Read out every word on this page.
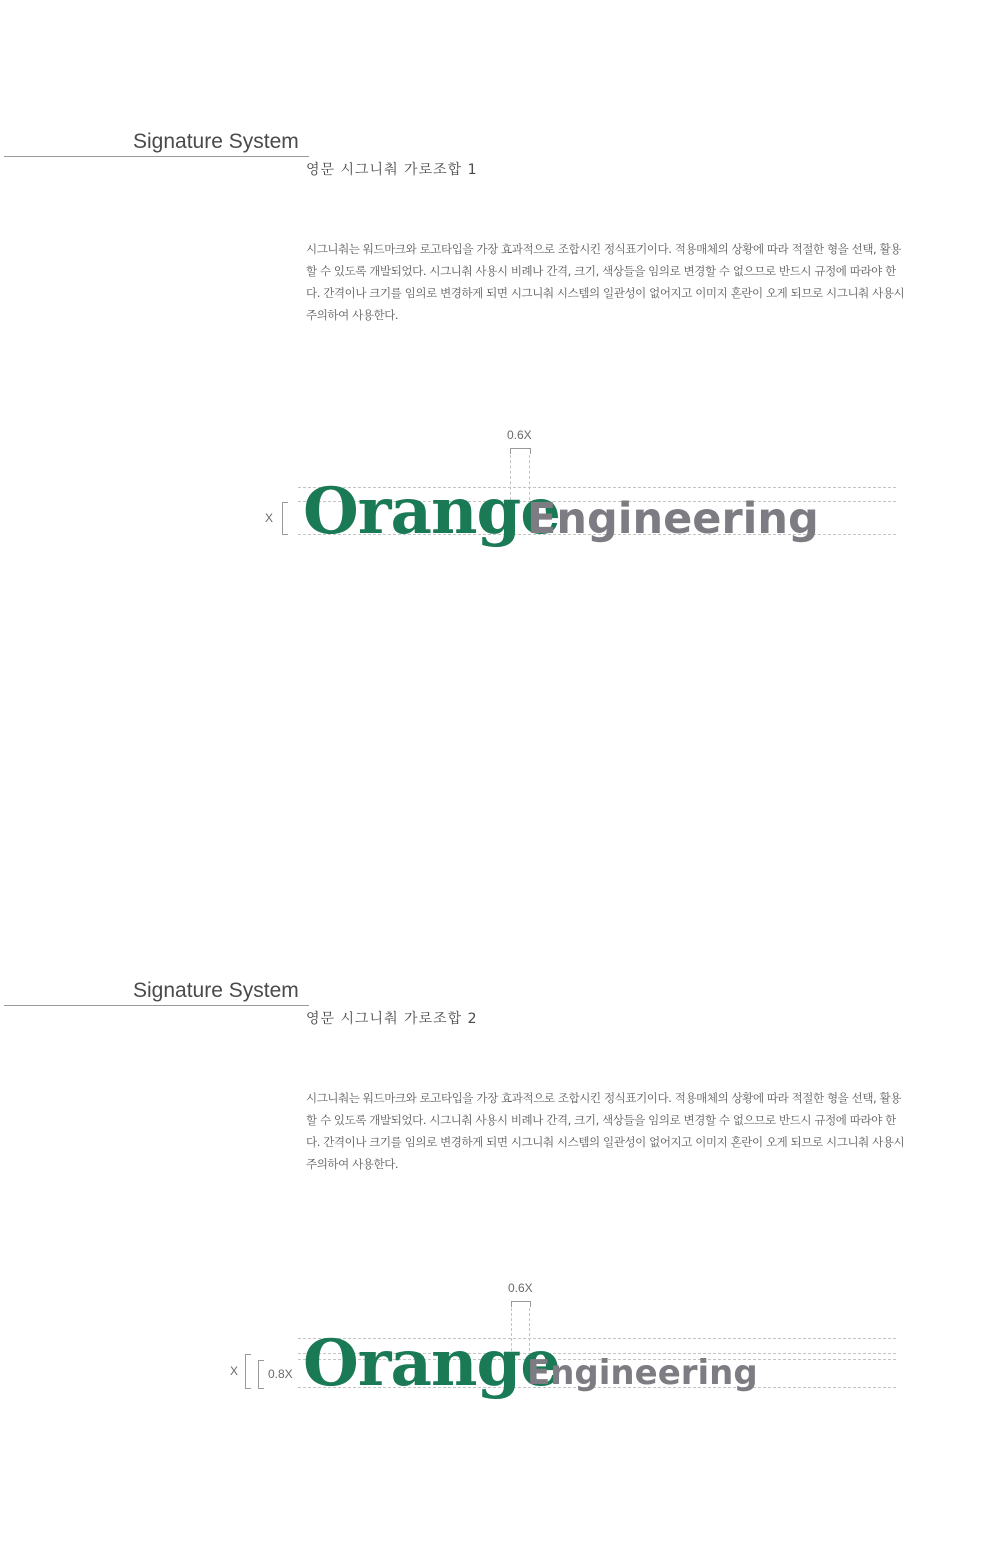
Signature System
영문 시그니춰 가로조합 1

시그니춰는 워드마크와 로고타입을 가장 효과적으로 조합시킨 정식표기이다. 적용매체의 상황에 따라 적절한 형을 선택, 활용할 수 있도록 개발되었다. 시그니춰 사용시 비례나 간격, 크기, 색상들을 임의로 변경할 수 없으므로 반드시 규정에 따라야 한다. 간격이나 크기를 임의로 변경하게 되면 시그니춰 시스템의 일관성이 없어지고 이미지 혼란이 오게 되므로 시그니춰 사용시 주의하여 사용한다.

0.6X
X Orange
Engineering
Signature System
영문 시그니춰 가로조합 2

시그니춰는 워드마크와 로고타입을 가장 효과적으로 조합시킨 정식표기이다. 적용매체의 상황에 따라 적절한 형을 선택, 활용할 수 있도록 개발되었다. 시그니춰 사용시 비례나 간격, 크기, 색상들을 임의로 변경할 수 없으므로 반드시 규정에 따라야 한다. 간격이나 크기를 임의로 변경하게 되면 시그니춰 시스템의 일관성이 없어지고 이미지 혼란이 오게 되므로 시그니춰 사용시 주의하여 사용한다.

0.6X
X 0.8X Orange
Engineering
